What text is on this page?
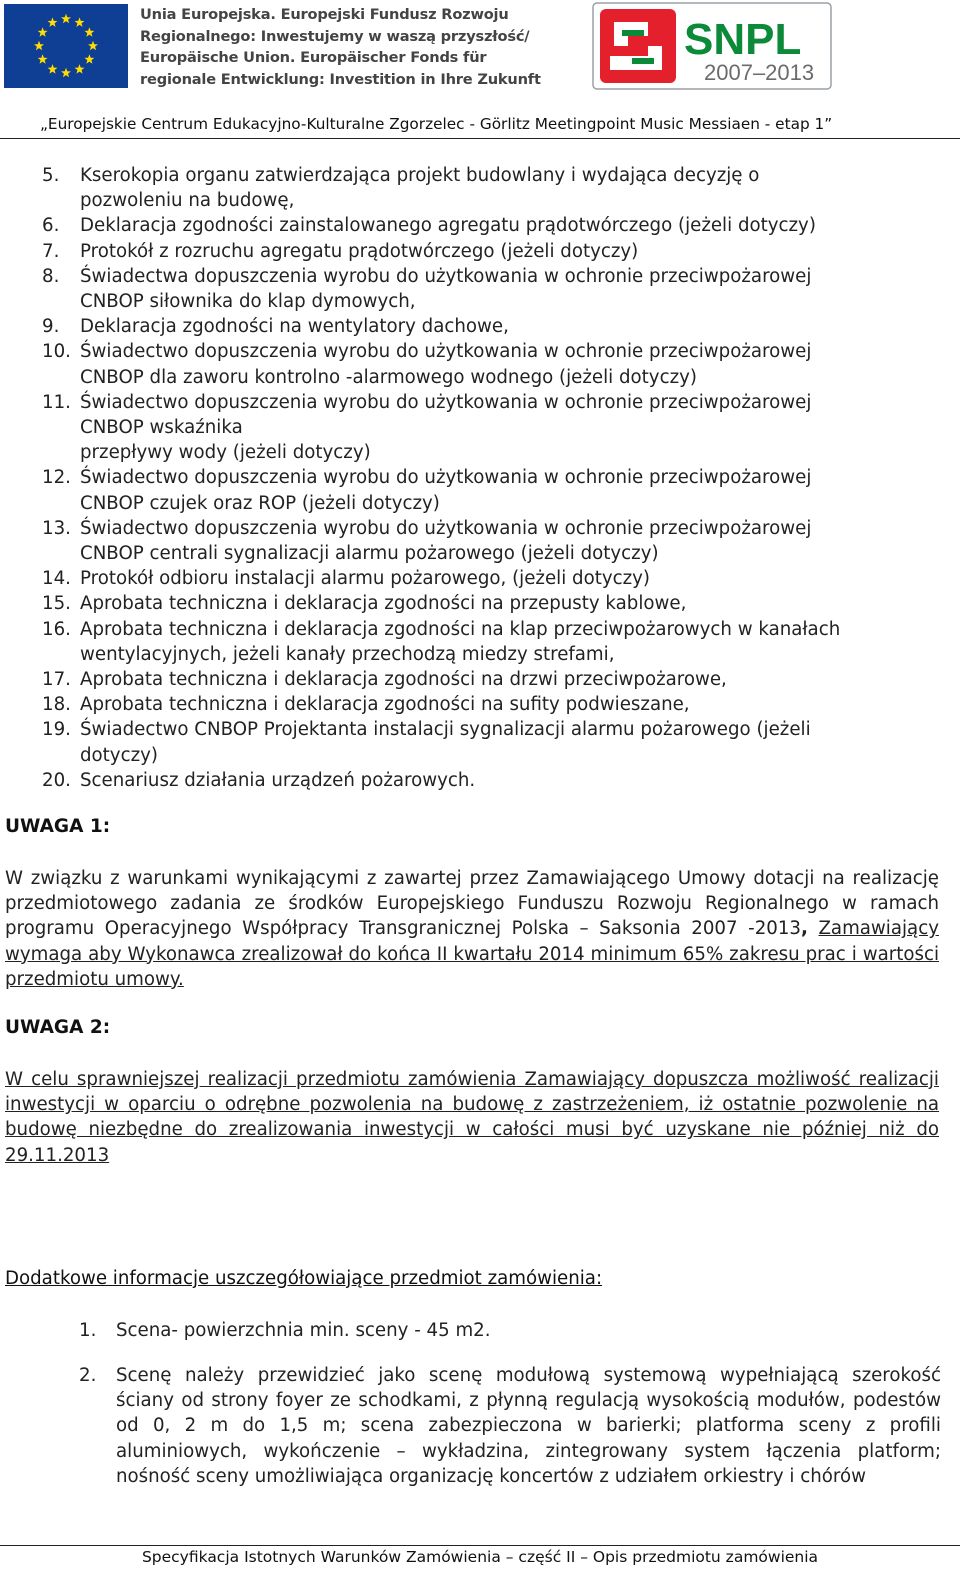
Unia Europejska. Europejski Fundusz Rozwoju
Regionalnego: Inwestujemy w waszą przyszłość/
Europäische Union. Europäischer Fonds für
regionale Entwicklung: Investition in Ihre Zukunft
SNPL
2007–2013
„Europejskie Centrum Edukacyjno-Kulturalne Zgorzelec - Görlitz Meetingpoint Music Messiaen - etap 1”
5. Kserokopia organu zatwierdzająca projekt budowlany i wydająca decyzję o
pozwoleniu na budowę,
6. Deklaracja zgodności zainstalowanego agregatu prądotwórczego (jeżeli dotyczy)
7. Protokół z rozruchu agregatu prądotwórczego (jeżeli dotyczy)
8. Świadectwa dopuszczenia wyrobu do użytkowania w ochronie przeciwpożarowej
CNBOP siłownika do klap dymowych,
9. Deklaracja zgodności na wentylatory dachowe,
10. Świadectwo dopuszczenia wyrobu do użytkowania w ochronie przeciwpożarowej
CNBOP dla zaworu kontrolno -alarmowego wodnego (jeżeli dotyczy)
11. Świadectwo dopuszczenia wyrobu do użytkowania w ochronie przeciwpożarowej
CNBOP wskaźnika
przepływy wody (jeżeli dotyczy)
12. Świadectwo dopuszczenia wyrobu do użytkowania w ochronie przeciwpożarowej
CNBOP czujek oraz ROP (jeżeli dotyczy)
13. Świadectwo dopuszczenia wyrobu do użytkowania w ochronie przeciwpożarowej
CNBOP centrali sygnalizacji alarmu pożarowego (jeżeli dotyczy)
14. Protokół odbioru instalacji alarmu pożarowego, (jeżeli dotyczy)
15. Aprobata techniczna i deklaracja zgodności na przepusty kablowe,
16. Aprobata techniczna i deklaracja zgodności na klap przeciwpożarowych w kanałach
wentylacyjnych, jeżeli kanały przechodzą miedzy strefami,
17. Aprobata techniczna i deklaracja zgodności na drzwi przeciwpożarowe,
18. Aprobata techniczna i deklaracja zgodności na sufity podwieszane,
19. Świadectwo CNBOP Projektanta instalacji sygnalizacji alarmu pożarowego (jeżeli
dotyczy)
20. Scenariusz działania urządzeń pożarowych.
UWAGA 1:
W związku z warunkami wynikającymi z zawartej przez Zamawiającego Umowy dotacji na realizację przedmiotowego zadania ze środków Europejskiego Funduszu Rozwoju Regionalnego w ramach programu Operacyjnego Współpracy Transgranicznej Polska – Saksonia 2007 -2013, Zamawiający wymaga aby Wykonawca zrealizował do końca II kwartału 2014 minimum 65% zakresu prac i wartości przedmiotu umowy.
UWAGA 2:
W celu sprawniejszej realizacji przedmiotu zamówienia Zamawiający dopuszcza możliwość realizacji inwestycji w oparciu o odrębne pozwolenia na budowę z zastrzeżeniem, iż ostatnie pozwolenie na budowę niezbędne do zrealizowania inwestycji w całości musi być uzyskane nie później niż do 29.11.2013
Dodatkowe informacje uszczegółowiające przedmiot zamówienia:
1. Scena- powierzchnia min. sceny - 45 m2.
2. Scenę należy przewidzieć jako scenę modułową systemową wypełniającą szerokość ściany od strony foyer ze schodkami, z płynną regulacją wysokością modułów, podestów od 0, 2 m do 1,5 m; scena zabezpieczona w barierki; platforma sceny z profili aluminiowych, wykończenie – wykładzina, zintegrowany system łączenia platform; nośność sceny umożliwiająca organizację koncertów z udziałem orkiestry i chórów
Specyfikacja Istotnych Warunków Zamówienia – część II – Opis przedmiotu zamówienia
